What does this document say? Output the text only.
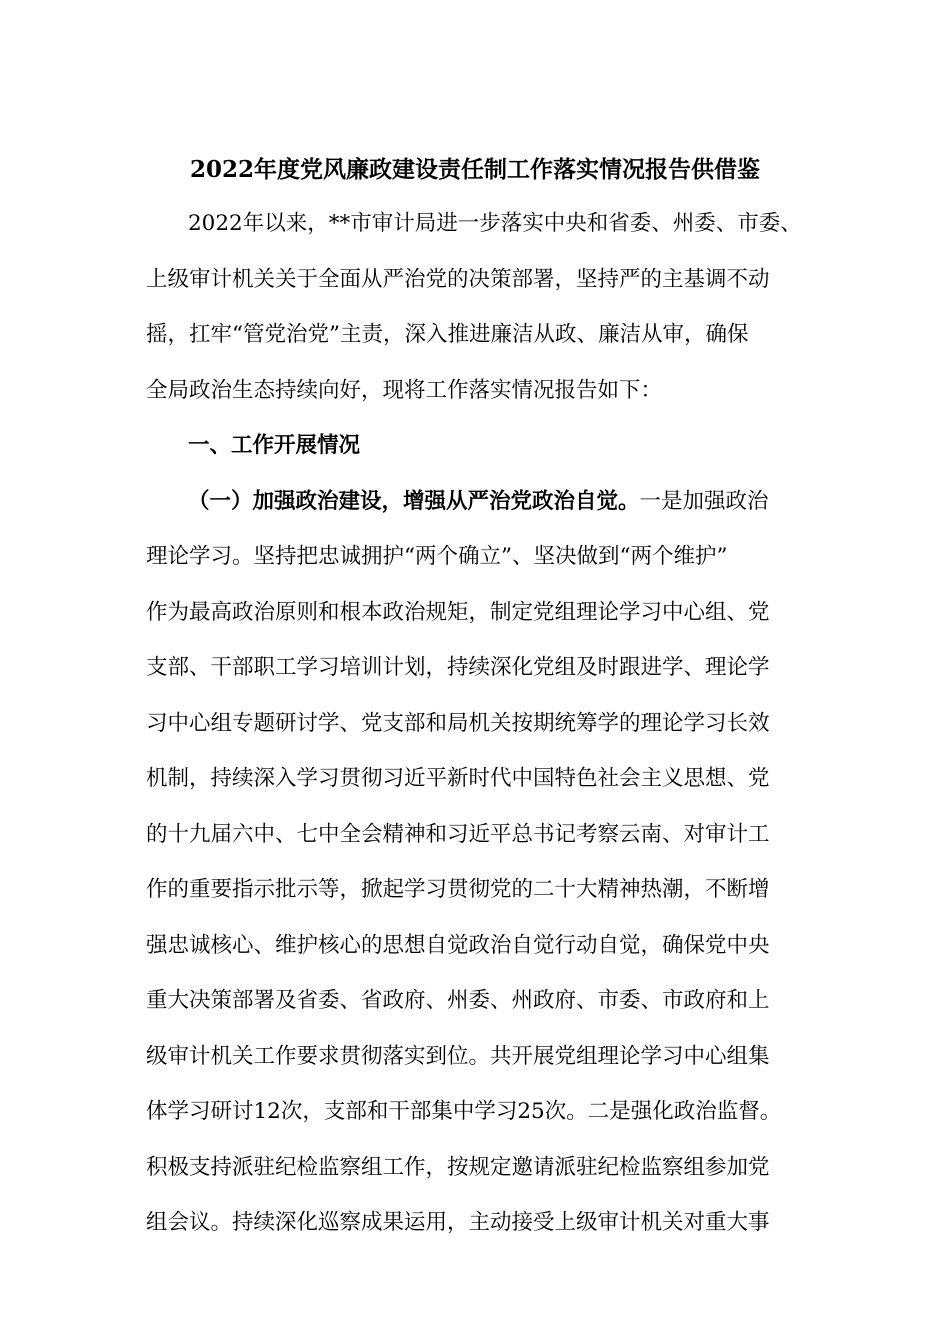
2022年度党风廉政建设责任制工作落实情况报告供借鉴
2022年以来，**市审计局进一步落实中央和省委、州委、市委、
上级审计机关关于全面从严治党的决策部署，坚持严的主基调不动
摇，扛牢“管党治党”主责，深入推进廉洁从政、廉洁从审，确保
全局政治生态持续向好，现将工作落实情况报告如下：
一、工作开展情况
（一）加强政治建设，增强从严治党政治自觉。一是加强政治
理论学习。坚持把忠诚拥护“两个确立”、坚决做到“两个维护”
作为最高政治原则和根本政治规矩，制定党组理论学习中心组、党
支部、干部职工学习培训计划，持续深化党组及时跟进学、理论学
习中心组专题研讨学、党支部和局机关按期统筹学的理论学习长效
机制，持续深入学习贯彻习近平新时代中国特色社会主义思想、党
的十九届六中、七中全会精神和习近平总书记考察云南、对审计工
作的重要指示批示等，掀起学习贯彻党的二十大精神热潮，不断增
强忠诚核心、维护核心的思想自觉政治自觉行动自觉，确保党中央
重大决策部署及省委、省政府、州委、州政府、市委、市政府和上
级审计机关工作要求贯彻落实到位。共开展党组理论学习中心组集
体学习研讨12次，支部和干部集中学习25次。二是强化政治监督。
积极支持派驻纪检监察组工作，按规定邀请派驻纪检监察组参加党
组会议。持续深化巡察成果运用，主动接受上级审计机关对重大事
